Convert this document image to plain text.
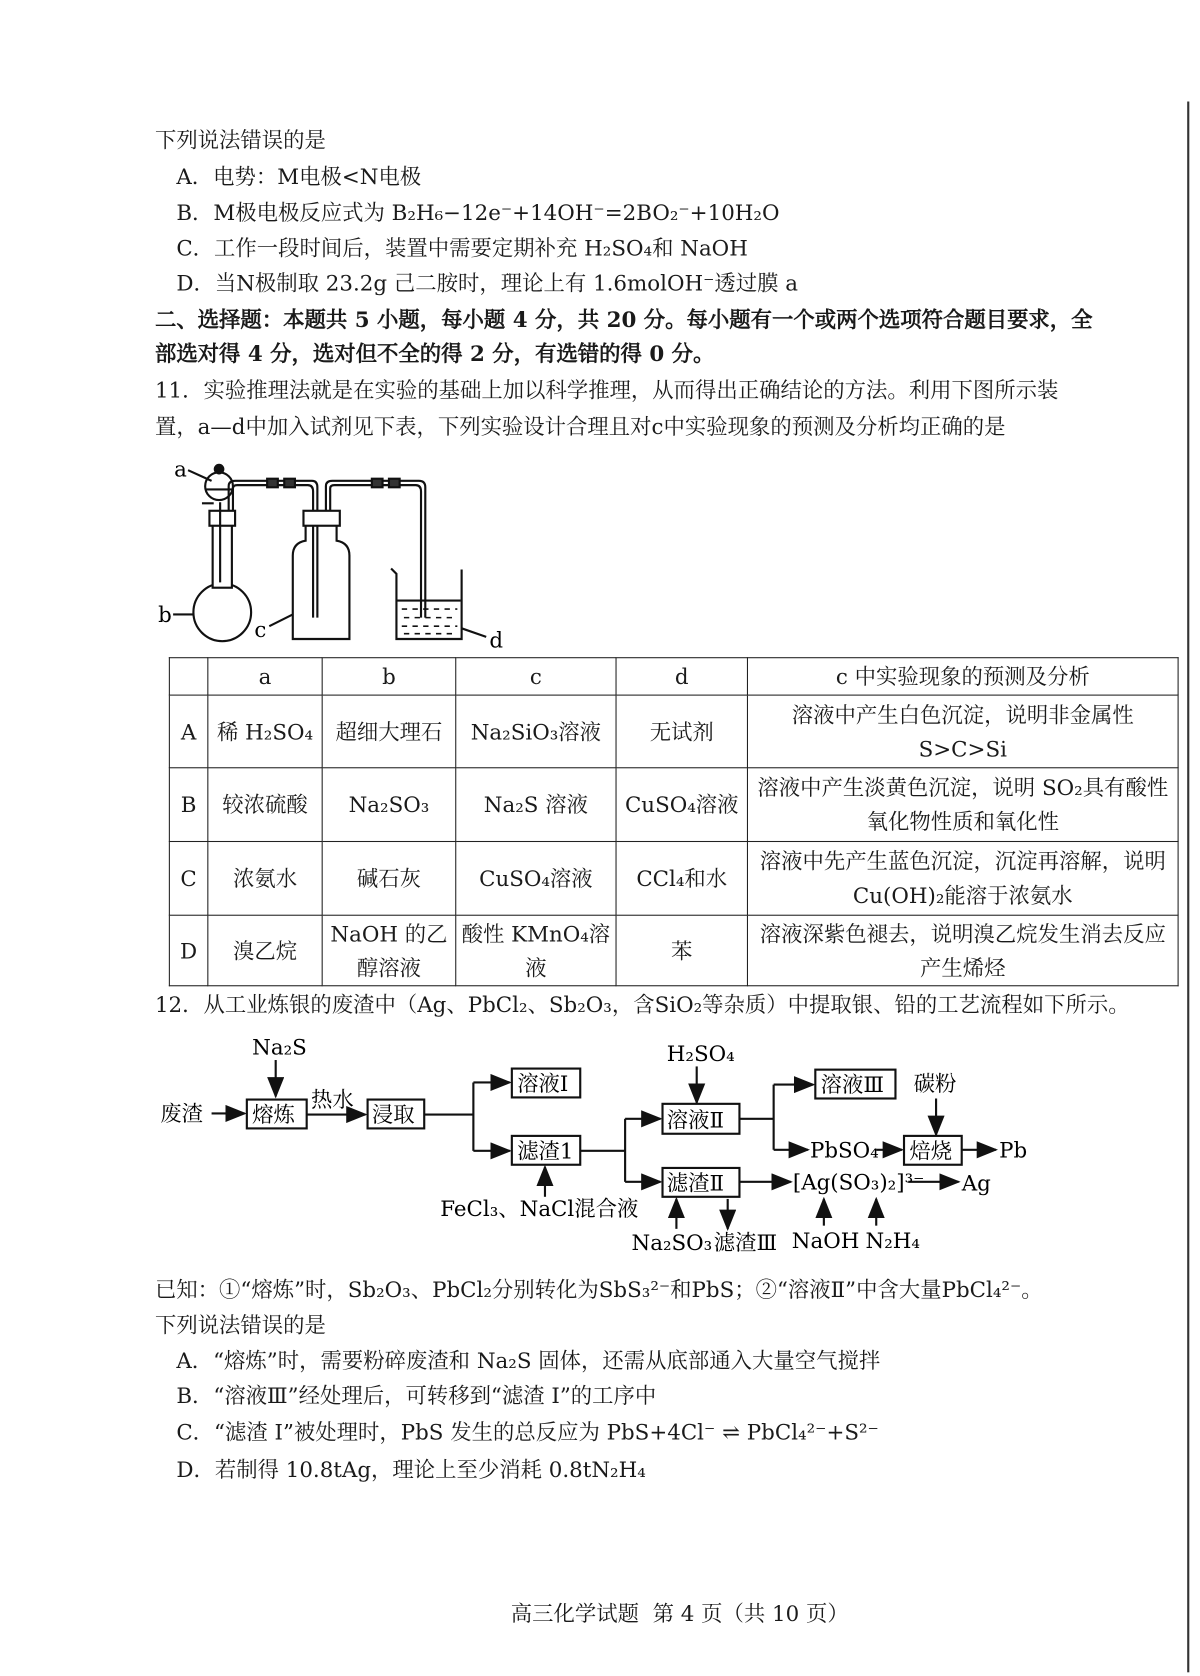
下列说法错误的是
A．电势：M电极<N电极
B．M极电极反应式为 B₂H₆−12e⁻+14OH⁻=2BO₂⁻+10H₂O
C．工作一段时间后，装置中需要定期补充 H₂SO₄和 NaOH
D．当N极制取 23.2g 己二胺时，理论上有 1.6molOH⁻透过膜 a
二、选择题：本题共 5 小题，每小题 4 分，共 20 分。每小题有一个或两个选项符合题目要求，全
部选对得 4 分，选对但不全的得 2 分，有选错的得 0 分。
11．实验推理法就是在实验的基础上加以科学推理，从而得出正确结论的方法。利用下图所示装
置，a—d中加入试剂见下表，下列实验设计合理且对c中实验现象的预测及分析均正确的是
a
b
c	d
	a	b	c	d	c 中实验现象的预测及分析
A	稀 H₂SO₄	超细大理石	Na₂SiO₃溶液	无试剂	溶液中产生白色沉淀，说明非金属性 S>C>Si
B	较浓硫酸	Na₂SO₃	Na₂S 溶液	CuSO₄溶液	溶液中产生淡黄色沉淀，说明 SO₂具有酸性氧化物性质和氧化性
C	浓氨水	碱石灰	CuSO₄溶液	CCl₄和水	溶液中先产生蓝色沉淀，沉淀再溶解，说明 Cu(OH)₂能溶于浓氨水
D	溴乙烷	NaOH 的乙醇溶液	酸性 KMnO₄溶液	苯	溶液深紫色褪去，说明溴乙烷发生消去反应产生烯烃
12．从工业炼银的废渣中（Ag、PbCl₂、Sb₂O₃，含SiO₂等杂质）中提取银、铅的工艺流程如下所示。
Na₂S
废渣 熔炼
热水
浸取
溶液I
滤渣1
H₂SO₄
溶液Ⅱ
溶液Ⅲ 碳粉
PbSO₄ 焙烧 Pb
滤渣Ⅱ	[Ag(SO₃)₂]³⁻ Ag
FeCl₃、NaCl混合液
Na₂SO₃ 滤渣Ⅲ NaOH N₂H₄
已知：①“熔炼”时，Sb₂O₃、PbCl₂分别转化为SbS₃²⁻和PbS；②“溶液Ⅱ”中含大量PbCl₄²⁻。
下列说法错误的是
A．“熔炼”时，需要粉碎废渣和 Na₂S 固体，还需从底部通入大量空气搅拌
B．“溶液Ⅲ”经处理后，可转移到“滤渣 I”的工序中
C．“滤渣 I”被处理时，PbS 发生的总反应为 PbS+4Cl⁻ ⇌ PbCl₄²⁻+S²⁻
D．若制得 10.8tAg，理论上至少消耗 0.8tN₂H₄
高三化学试题  第 4 页（共 10 页）
